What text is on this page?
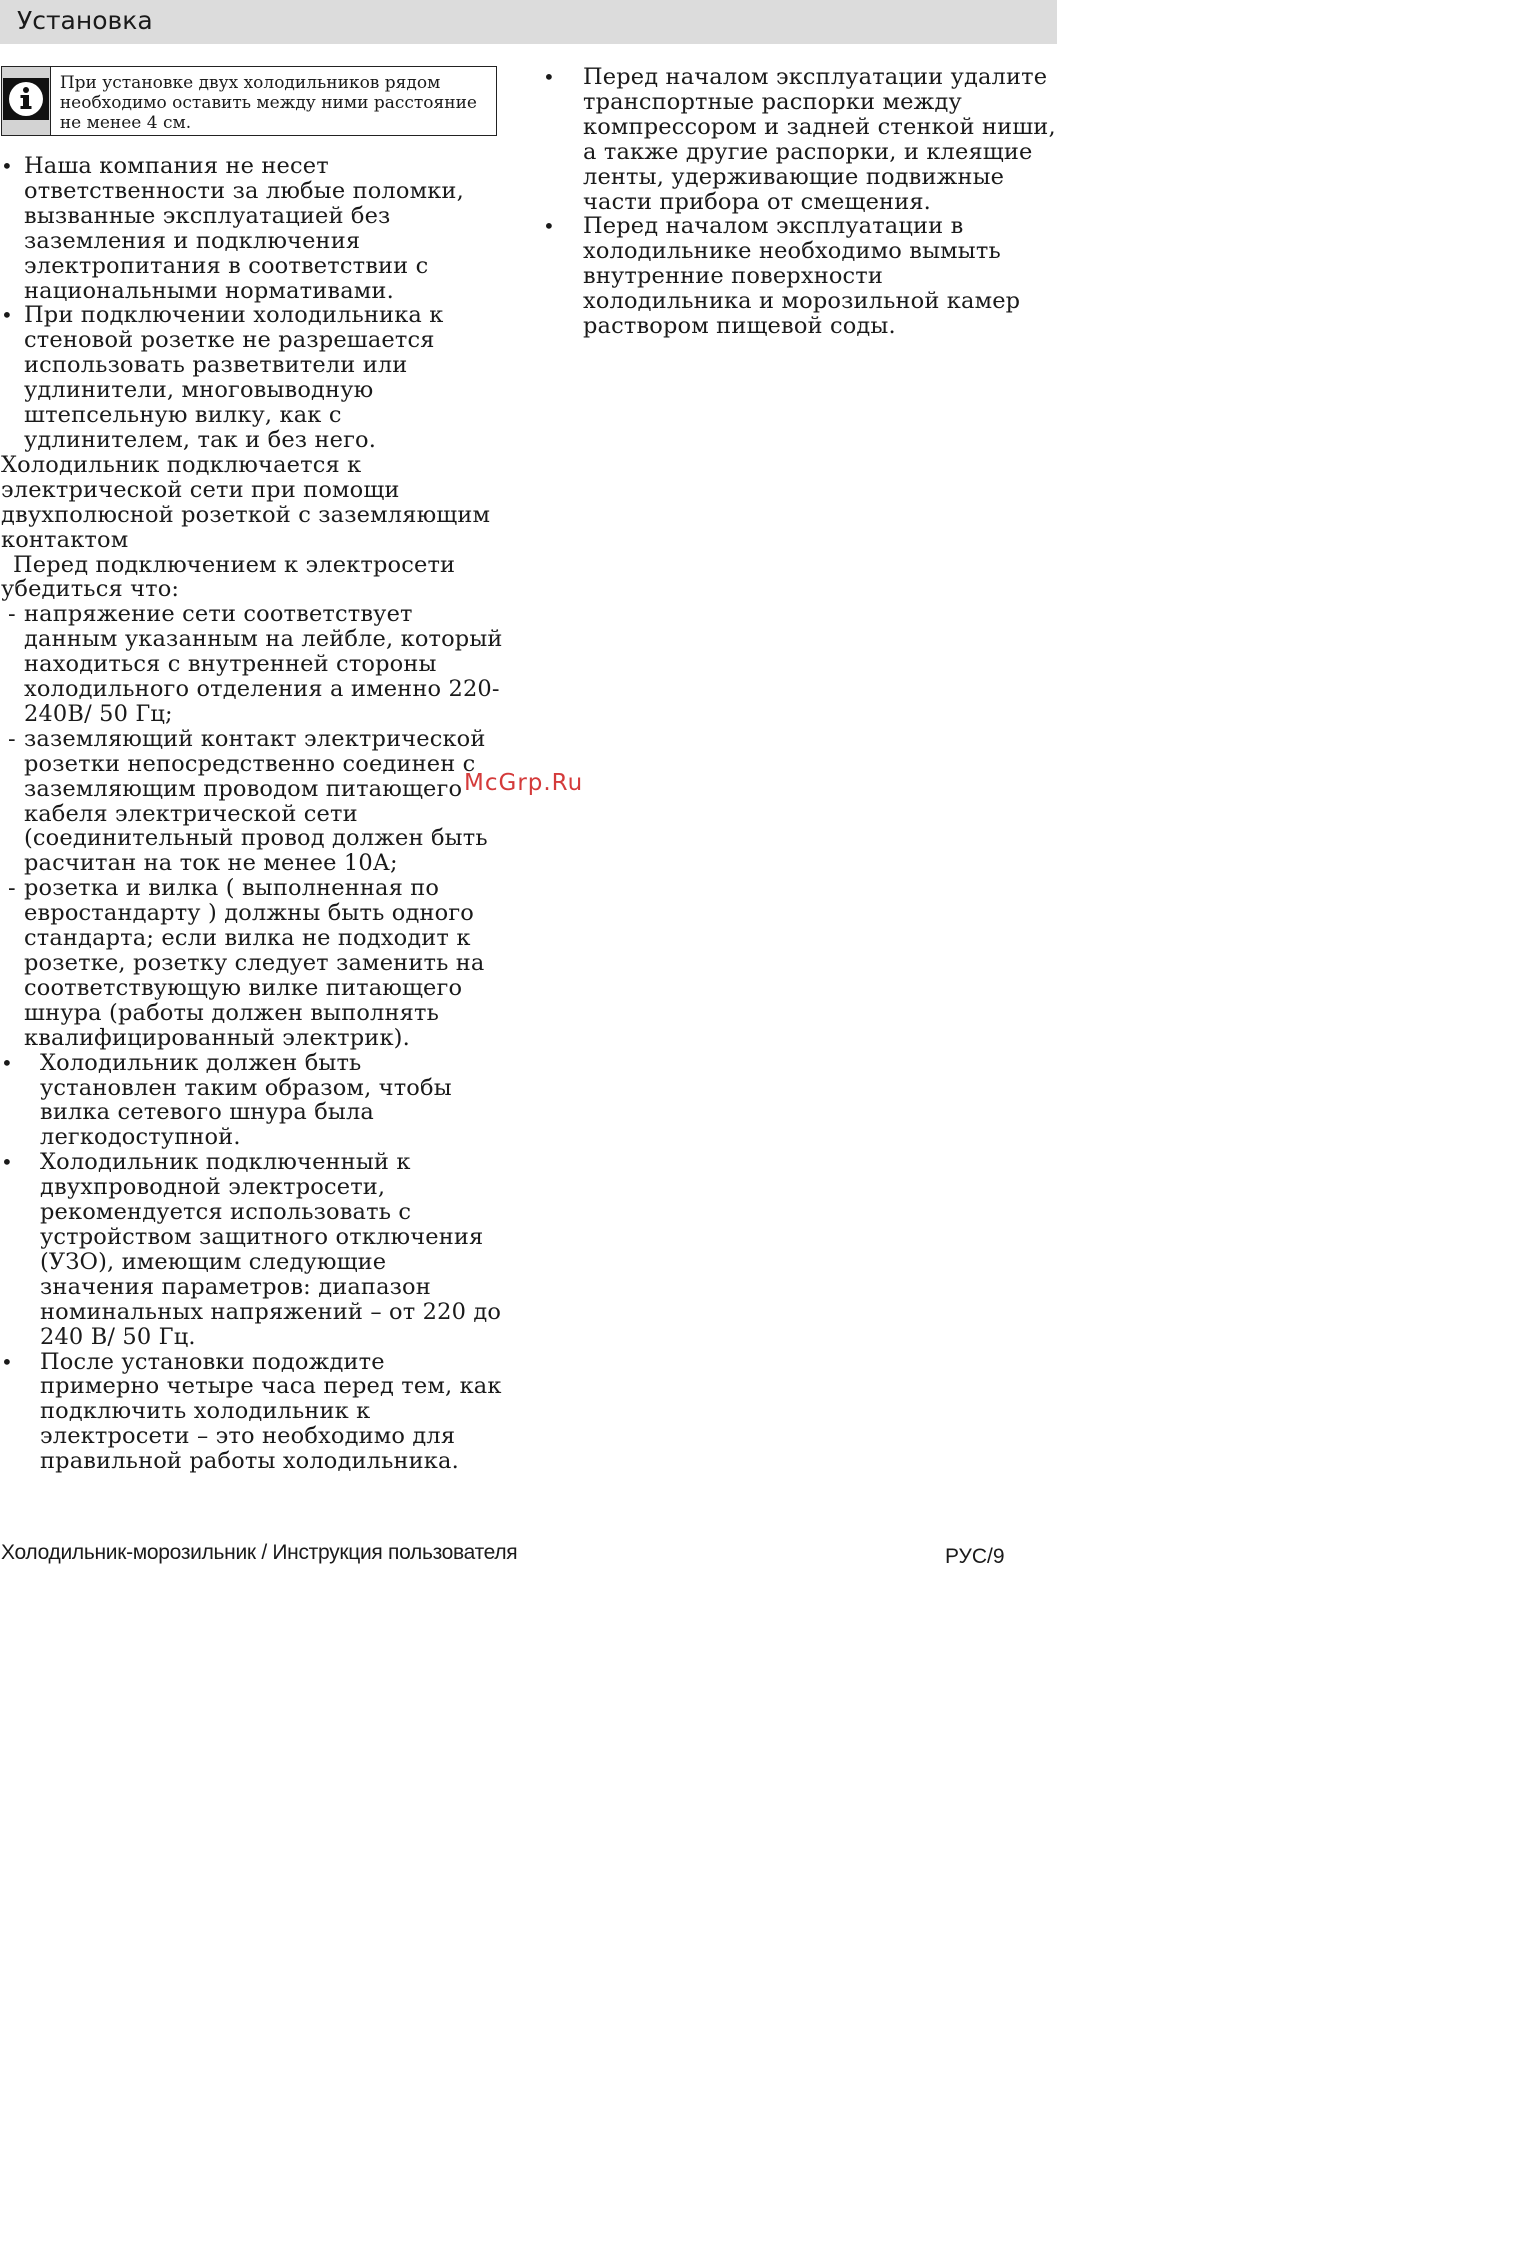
Установка
При установке двух холодильников рядом необходимо оставить между ними расстояние не менее 4 см.
• Наша компания не несет ответственности за любые поломки, вызванные эксплуатацией без заземления и подключения электропитания в соответствии с национальными нормативами.
• При подключении холодильника к стеновой розетке не разрешается использовать разветвители или удлинители, многовыводную штепсельную вилку, как с удлинителем, так и без него.
Холодильник подключается к электрической сети при помощи двухполюсной розеткой с заземляющим контактом
Перед подключением к электросети убедиться что:
- напряжение сети соответствует данным указанным на лейбле, который находиться с внутренней стороны холодильного отделения а именно 220-240В/ 50 Гц;
- заземляющий контакт электрической розетки непосредственно соединен с заземляющим проводом питающего кабеля электрической сети (соединительный провод должен быть расчитан на ток не менее 10А;
- розетка и вилка ( выполненная по евростандарту ) должны быть одного стандарта; если вилка не подходит к розетке, розетку следует заменить на соответствующую вилке питающего шнура (работы должен выполнять квалифицированный электрик).
• Холодильник должен быть установлен таким образом, чтобы вилка сетевого шнура была легкодоступной.
• Холодильник подключенный к двухпроводной электросети, рекомендуется использовать с устройством защитного отключения (УЗО), имеющим следующие значения параметров: диапазон номинальных напряжений – от 220 до 240 В/ 50 Гц.
• После установки подождите примерно четыре часа перед тем, как подключить холодильник к электросети – это необходимо для правильной работы холодильника.
• Перед началом эксплуатации удалите транспортные распорки между компрессором и задней стенкой ниши, а также другие распорки, и клеящие ленты, удерживающие подвижные части прибора от смещения.
• Перед началом эксплуатации в холодильнике необходимо вымыть внутренние поверхности холодильника и морозильной камер раствором пищевой соды.
McGrp.Ru
Холодильник-морозильник / Инструкция пользователя	РУС/9
